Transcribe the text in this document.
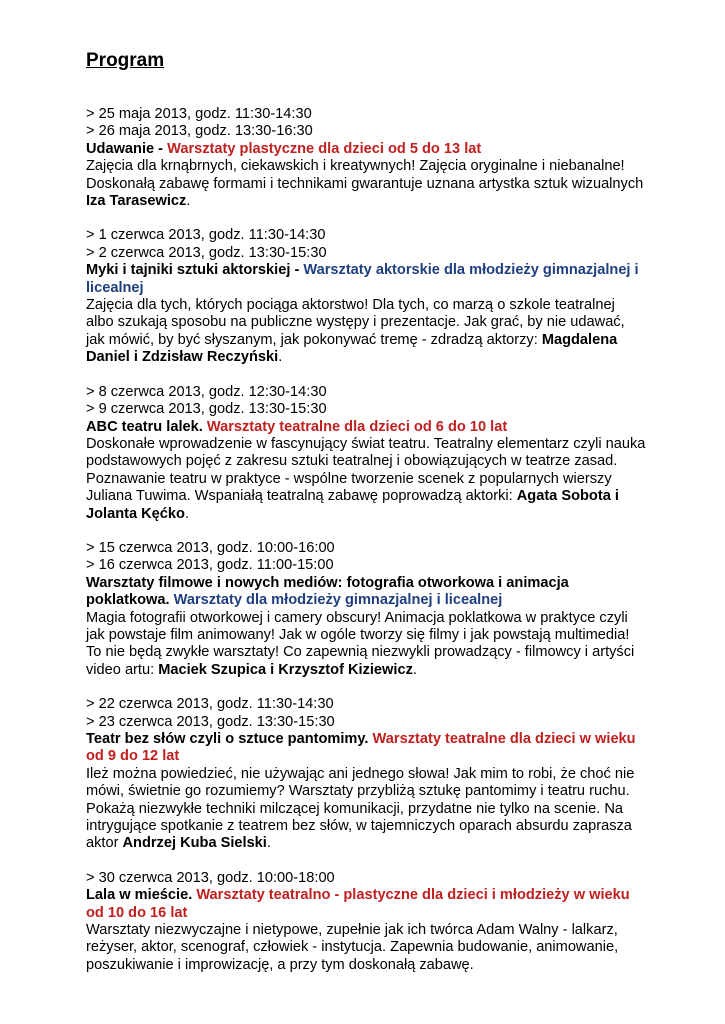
Program

> 25 maja 2013, godz. 11:30-14:30

> 26 maja 2013, godz. 13:30-16:30

Udawanie - Warsztaty plastyczne dla dzieci od 5 do 13 lat

Zajęcia dla krnąbrnych, ciekawskich i kreatywnych! Zajęcia oryginalne i niebanalne! Doskonałą zabawę formami i technikami gwarantuje uznana artystka sztuk wizualnych Iza Tarasewicz.

> 1 czerwca 2013, godz. 11:30-14:30

> 2 czerwca 2013, godz. 13:30-15:30

Myki i tajniki sztuki aktorskiej - Warsztaty aktorskie dla młodzieży gimnazjalnej i licealnej

Zajęcia dla tych, których pociąga aktorstwo! Dla tych, co marzą o szkole teatralnej albo szukają sposobu na publiczne występy i prezentacje. Jak grać, by nie udawać, jak mówić, by być słyszanym, jak pokonywać tremę - zdradzą aktorzy: Magdalena Daniel i Zdzisław Reczyński.

> 8 czerwca 2013, godz. 12:30-14:30

> 9 czerwca 2013, godz. 13:30-15:30

ABC teatru lalek. Warsztaty teatralne dla dzieci od 6 do 10 lat

Doskonałe wprowadzenie w fascynujący świat teatru. Teatralny elementarz czyli nauka podstawowych pojęć z zakresu sztuki teatralnej i obowiązujących w teatrze zasad. Poznawanie teatru w praktyce - wspólne tworzenie scenek z popularnych wierszy Juliana Tuwima. Wspaniałą teatralną zabawę poprowadzą aktorki: Agata Sobota i Jolanta Kęćko.

> 15 czerwca 2013, godz. 10:00-16:00

> 16 czerwca 2013, godz. 11:00-15:00

Warsztaty filmowe i nowych mediów: fotografia otworkowa i animacja poklatkowa. Warsztaty dla młodzieży gimnazjalnej i licealnej

Magia fotografii otworkowej i camery obscury! Animacja poklatkowa w praktyce czyli jak powstaje film animowany! Jak w ogóle tworzy się filmy i jak powstają multimedia! To nie będą zwykłe warsztaty! Co zapewnią niezwykli prowadzący - filmowcy i artyści video artu: Maciek Szupica i Krzysztof Kiziewicz.

> 22 czerwca 2013, godz. 11:30-14:30

> 23 czerwca 2013, godz. 13:30-15:30

Teatr bez słów czyli o sztuce pantomimy. Warsztaty teatralne dla dzieci w wieku od 9 do 12 lat

Ileż można powiedzieć, nie używając ani jednego słowa! Jak mim to robi, że choć nie mówi, świetnie go rozumiemy? Warsztaty przybliżą sztukę pantomimy i teatru ruchu. Pokażą niezwykłe techniki milczącej komunikacji, przydatne nie tylko na scenie. Na intrygujące spotkanie z teatrem bez słów, w tajemniczych oparach absurdu zaprasza aktor Andrzej Kuba Sielski.

> 30 czerwca 2013, godz. 10:00-18:00

Lala w mieście. Warsztaty teatralno - plastyczne dla dzieci i młodzieży w wieku od 10 do 16 lat

Warsztaty niezwyczajne i nietypowe, zupełnie jak ich twórca Adam Walny - lalkarz, reżyser, aktor, scenograf, człowiek - instytucja. Zapewnia budowanie, animowanie, poszukiwanie i improwizację, a przy tym doskonałą zabawę.
